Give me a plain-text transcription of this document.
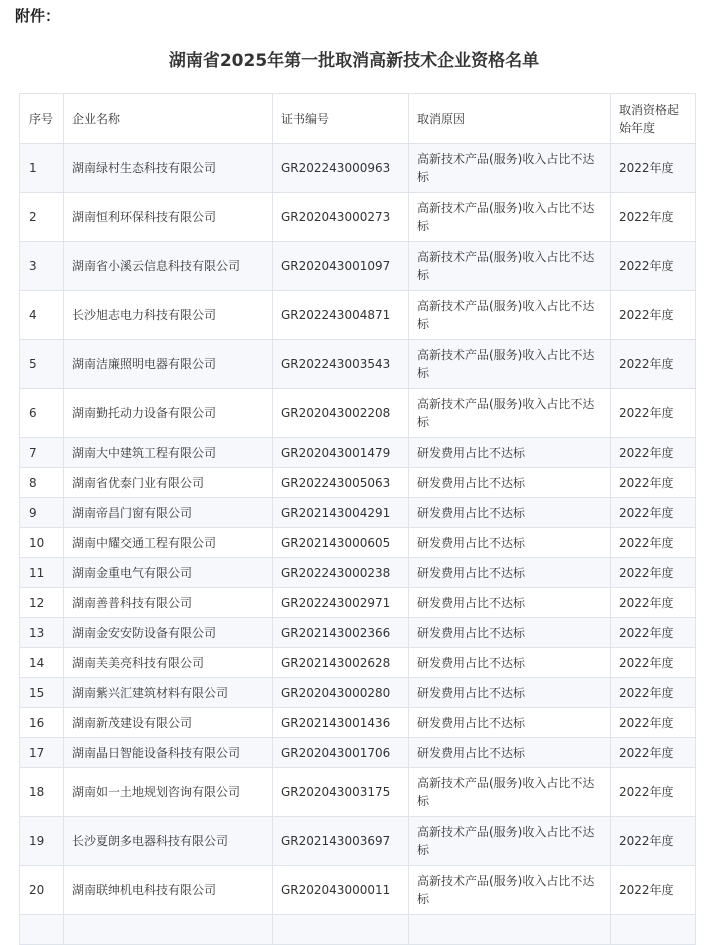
附件：
湖南省2025年第一批取消高新技术企业资格名单
序号	企业名称	证书编号	取消原因	取消资格起始年度
1	湖南绿村生态科技有限公司	GR202243000963	高新技术产品(服务)收入占比不达标	2022年度
2	湖南恒利环保科技有限公司	GR202043000273	高新技术产品(服务)收入占比不达标	2022年度
3	湖南省小溪云信息科技有限公司	GR202043001097	高新技术产品(服务)收入占比不达标	2022年度
4	长沙旭志电力科技有限公司	GR202243004871	高新技术产品(服务)收入占比不达标	2022年度
5	湖南洁廉照明电器有限公司	GR202243003543	高新技术产品(服务)收入占比不达标	2022年度
6	湖南勤托动力设备有限公司	GR202043002208	高新技术产品(服务)收入占比不达标	2022年度
7	湖南大中建筑工程有限公司	GR202043001479	研发费用占比不达标	2022年度
8	湖南省优泰门业有限公司	GR202243005063	研发费用占比不达标	2022年度
9	湖南帝昌门窗有限公司	GR202143004291	研发费用占比不达标	2022年度
10	湖南中耀交通工程有限公司	GR202143000605	研发费用占比不达标	2022年度
11	湖南金重电气有限公司	GR202243000238	研发费用占比不达标	2022年度
12	湖南善普科技有限公司	GR202243002971	研发费用占比不达标	2022年度
13	湖南金安安防设备有限公司	GR202143002366	研发费用占比不达标	2022年度
14	湖南芙美亮科技有限公司	GR202143002628	研发费用占比不达标	2022年度
15	湖南紫兴汇建筑材料有限公司	GR202043000280	研发费用占比不达标	2022年度
16	湖南新茂建设有限公司	GR202143001436	研发费用占比不达标	2022年度
17	湖南晶日智能设备科技有限公司	GR202043001706	研发费用占比不达标	2022年度
18	湖南如一土地规划咨询有限公司	GR202043003175	高新技术产品(服务)收入占比不达标	2022年度
19	长沙夏朗多电器科技有限公司	GR202143003697	高新技术产品(服务)收入占比不达标	2022年度
20	湖南联绅机电科技有限公司	GR202043000011	高新技术产品(服务)收入占比不达标	2022年度
